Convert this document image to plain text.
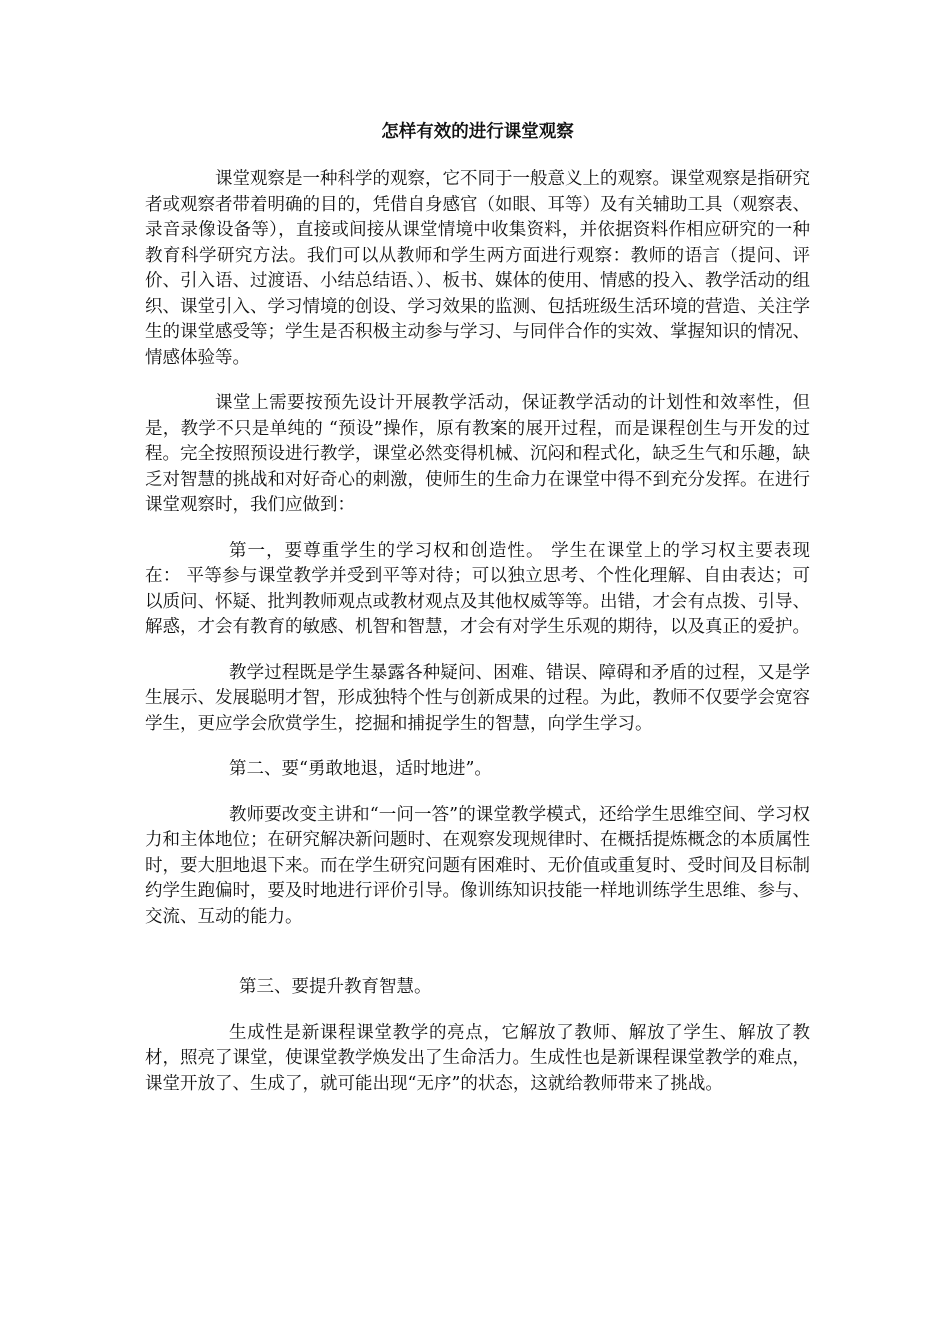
怎样有效的进行课堂观察

课堂观察是一种科学的观察，它不同于一般意义上的观察。课堂观察是指研究者或观察者带着明确的目的，凭借自身感官（如眼、耳等）及有关辅助工具（观察表、录音录像设备等），直接或间接从课堂情境中收集资料，并依据资料作相应研究的一种教育科学研究方法。我们可以从教师和学生两方面进行观察：教师的语言（提问、评价、引入语、过渡语、小结总结语、）、板书、媒体的使用、情感的投入、教学活动的组织、课堂引入、学习情境的创设、学习效果的监测、包括班级生活环境的营造、关注学生的课堂感受等；学生是否积极主动参与学习、与同伴合作的实效、掌握知识的情况、情感体验等。

课堂上需要按预先设计开展教学活动，保证教学活动的计划性和效率性，但是，教学不只是单纯的 “预设”操作，原有教案的展开过程，而是课程创生与开发的过程。完全按照预设进行教学，课堂必然变得机械、沉闷和程式化，缺乏生气和乐趣，缺乏对智慧的挑战和对好奇心的刺激，使师生的生命力在课堂中得不到充分发挥。在进行课堂观察时，我们应做到：

第一，要尊重学生的学习权和创造性。 学生在课堂上的学习权主要表现在： 平等参与课堂教学并受到平等对待；可以独立思考、个性化理解、自由表达；可以质问、怀疑、批判教师观点或教材观点及其他权威等等。出错，才会有点拨、引导、解惑，才会有教育的敏感、机智和智慧，才会有对学生乐观的期待，以及真正的爱护。

教学过程既是学生暴露各种疑问、困难、错误、障碍和矛盾的过程，又是学生展示、发展聪明才智，形成独特个性与创新成果的过程。为此，教师不仅要学会宽容学生，更应学会欣赏学生，挖掘和捕捉学生的智慧，向学生学习。

第二、要“勇敢地退，适时地进”。

教师要改变主讲和“一问一答”的课堂教学模式，还给学生思维空间、学习权力和主体地位；在研究解决新问题时、在观察发现规律时、在概括提炼概念的本质属性时，要大胆地退下来。而在学生研究问题有困难时、无价值或重复时、受时间及目标制约学生跑偏时，要及时地进行评价引导。像训练知识技能一样地训练学生思维、参与、交流、互动的能力。

第三、要提升教育智慧。

生成性是新课程课堂教学的亮点，它解放了教师、解放了学生、解放了教材，照亮了课堂，使课堂教学焕发出了生命活力。生成性也是新课程课堂教学的难点，课堂开放了、生成了，就可能出现“无序”的状态，这就给教师带来了挑战。
